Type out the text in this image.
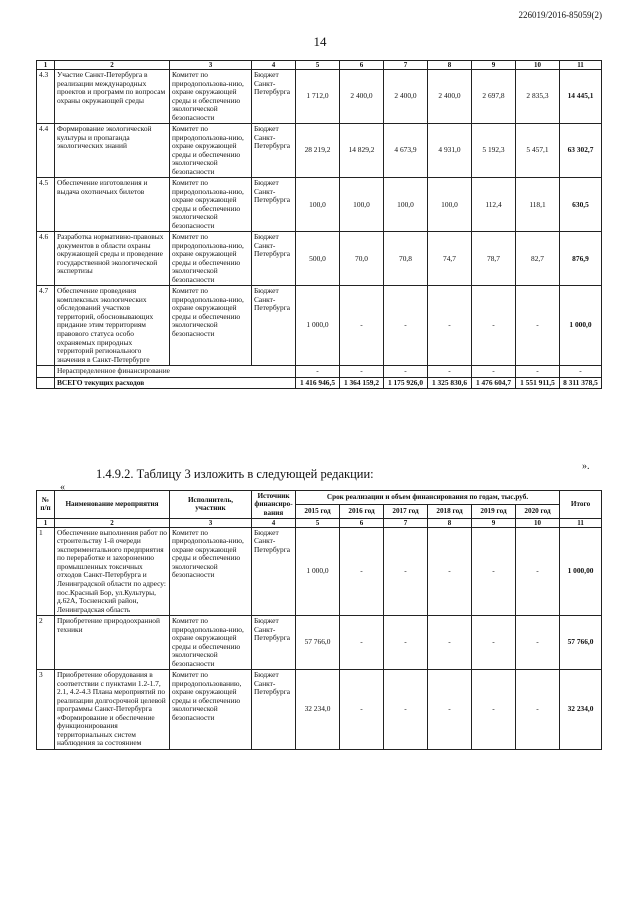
226019/2016-85059(2)
14
1	2	3	4	5	6	7	8	9	10	11
4.3	Участие Санкт-Петербурга в реализации международных проектов и программ по вопросам охраны окружающей среды	Комитет по природопользова-нию, охране окружающей среды и обеспечению экологической безопасности	Бюджет Санкт-Петербурга	1 712,0	2 400,0	2 400,0	2 400,0	2 697,8	2 835,3	14 445,1
4.4	Формирование экологической культуры и пропаганда экологических знаний	Комитет по природопользова-нию, охране окружающей среды и обеспечению экологической безопасности	Бюджет Санкт-Петербурга	28 219,2	14 829,2	4 673,9	4 931,0	5 192,3	5 457,1	63 302,7
4.5	Обеспечение изготовления и выдача охотничьих билетов	Комитет по природопользова-нию, охране окружающей среды и обеспечению экологической безопасности	Бюджет Санкт-Петербурга	100,0	100,0	100,0	100,0	112,4	118,1	630,5
4.6	Разработка нормативно-правовых документов в области охраны окружающей среды и проведение государственной экологической экспертизы	Комитет по природопользова-нию, охране окружающей среды и обеспечению экологической безопасности	Бюджет Санкт-Петербурга	500,0	70,0	70,8	74,7	78,7	82,7	876,9
4.7	Обеспечение проведения комплексных экологических обследований участков территорий, обосновывающих придание этим территориям правового статуса особо охраняемых природных территорий регионального значения в Санкт-Петербурге	Комитет по природопользова-нию, охране окружающей среды и обеспечению экологической безопасности	Бюджет Санкт-Петербурга	1 000,0	-	-	-	-	-	1 000,0
	Нераспределенное финансирование			-	-	-	-	-	-	-
	ВСЕГО текущих расходов			1 416 946,5	1 364 159,2	1 175 926,0	1 325 830,6	1 476 604,7	1 551 911,5	8 311 378,5
».
1.4.9.2. Таблицу 3 изложить в следующей редакции:
«
№ п/п	Наименование мероприятия	Исполнитель, участник	Источник финансиро-вания	Срок реализации и объем финансирования по годам, тыс.руб.						Итого
				2015 год	2016 год	2017 год	2018 год	2019 год	2020 год	
1	2	3	4	5	6	7	8	9	10	11
1	Обеспечение выполнения работ по строительству 1-й очереди экспериментального предприятия по переработке и захоронению промышленных токсичных отходов Санкт-Петербурга и Ленинградской области по адресу: пос.Красный Бор, ул.Культуры, д.62А, Тосненский район, Ленинградская область	Комитет по природопользова-нию, охране окружающей среды и обеспечению экологической безопасности	Бюджет Санкт-Петербурга	1 000,0	-	-	-	-	-	1 000,00
2	Приобретение природоохранной техники	Комитет по природопользова-нию, охране окружающей среды и обеспечению экологической безопасности	Бюджет Санкт-Петербурга	57 766,0	-	-	-	-	-	57 766,0
3	Приобретение оборудования в соответствии с пунктами 1.2-1.7, 2.1, 4.2-4.3 Плана мероприятий по реализации долгосрочной целевой программы Санкт-Петербурга «Формирование и обеспечение функционирования территориальных систем наблюдения за состоянием	Комитет по природопользованию, охране окружающей среды и обеспечению экологической безопасности	Бюджет Санкт-Петербурга	32 234,0	-	-	-	-	-	32 234,0
